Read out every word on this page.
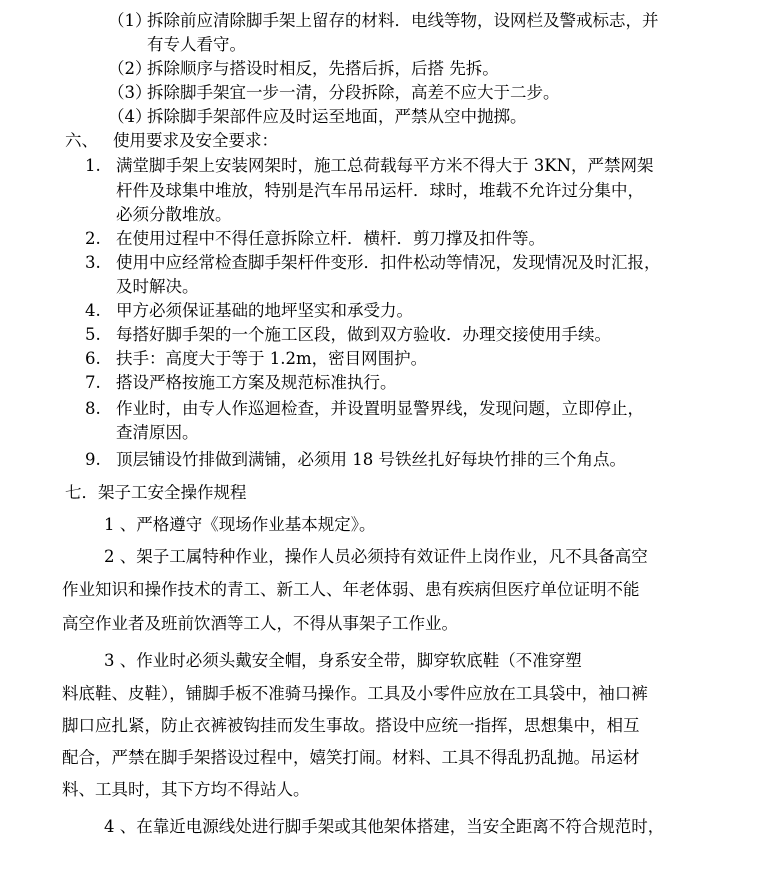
（1）
拆除前应清除脚手架上留存的材料．电线等物，设网栏及警戒标志，并
有专人看守。
（2）
拆除顺序与搭设时相反，先搭后拆，后搭 先拆。
（3）
拆除脚手架宜一步一清，分段拆除，高差不应大于二步。
（4）
拆除脚手架部件应及时运至地面，严禁从空中抛掷。
六、 使用要求及安全要求：
1. 满堂脚手架上安装网架时，施工总荷载每平方米不得大于 3KN，严禁网架
杆件及球集中堆放，特别是汽车吊吊运杆．球时，堆载不允许过分集中，
必须分散堆放。
2. 在使用过程中不得任意拆除立杆．横杆．剪刀撑及扣件等。
3. 使用中应经常检查脚手架杆件变形．扣件松动等情况，发现情况及时汇报，
及时解决。
4. 甲方必须保证基础的地坪坚实和承受力。
5. 每搭好脚手架的一个施工区段，做到双方验收．办理交接使用手续。
6. 扶手：高度大于等于 1.2m，密目网围护。
7. 搭设严格按施工方案及规范标准执行。
8. 作业时，由专人作巡迴检查，并设置明显警界线，发现问题，立即停止，
查清原因。
9. 顶层铺设竹排做到满铺，必须用 18 号铁丝扎好每块竹排的三个角点。
七．架子工安全操作规程
1 、严格遵守《现场作业基本规定》。
2 、架子工属特种作业，操作人员必须持有效证件上岗作业，凡不具备高空
作业知识和操作技术的青工、新工人、年老体弱、患有疾病但医疗单位证明不能
高空作业者及班前饮酒等工人，不得从事架子工作业。
3 、作业时必须头戴安全帽，身系安全带，脚穿软底鞋（不准穿塑
料底鞋、皮鞋），铺脚手板不准骑马操作。工具及小零件应放在工具袋中，袖口裤
脚口应扎紧，防止衣裤被钩挂而发生事故。搭设中应统一指挥，思想集中，相互
配合，严禁在脚手架搭设过程中，嬉笑打闹。材料、工具不得乱扔乱抛。吊运材
料、工具时，其下方均不得站人。
4 、在靠近电源线处进行脚手架或其他架体搭建，当安全距离不符合规范时，
